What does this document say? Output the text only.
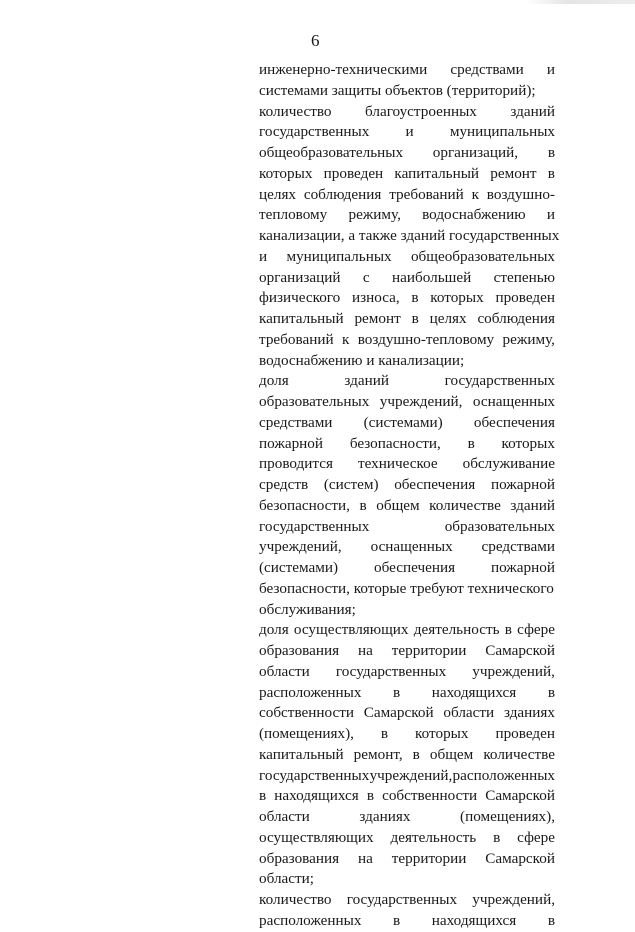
6
инженерно-техническими средствами и
системами защиты объектов (территорий);
количество благоустроенных зданий
государственных и муниципальных
общеобразовательных организаций, в
которых проведен капитальный ремонт в
целях соблюдения требований к воздушно-
тепловому режиму, водоснабжению и
канализации, а также зданий государственных
и муниципальных общеобразовательных
организаций с наибольшей степенью
физического износа, в которых проведен
капитальный ремонт в целях соблюдения
требований к воздушно-тепловому режиму,
водоснабжению и канализации;
доля	зданий	государственных
образовательных учреждений, оснащенных
средствами (системами) обеспечения
пожарной безопасности, в которых
проводится техническое обслуживание
средств (систем) обеспечения пожарной
безопасности, в общем количестве зданий
государственных	образовательных
учреждений, оснащенных средствами
(системами) обеспечения пожарной
безопасности, которые требуют технического
обслуживания;
доля осуществляющих деятельность в сфере
образования на территории Самарской
области государственных учреждений,
расположенных в находящихся в
собственности Самарской области зданиях
(помещениях), в которых проведен
капитальный ремонт, в общем количестве
государственных учреждений, расположенных
в находящихся в собственности Самарской
области	зданиях	(помещениях),
осуществляющих деятельность в сфере
образования на территории Самарской
области;
количество государственных учреждений,
расположенных в находящихся в
